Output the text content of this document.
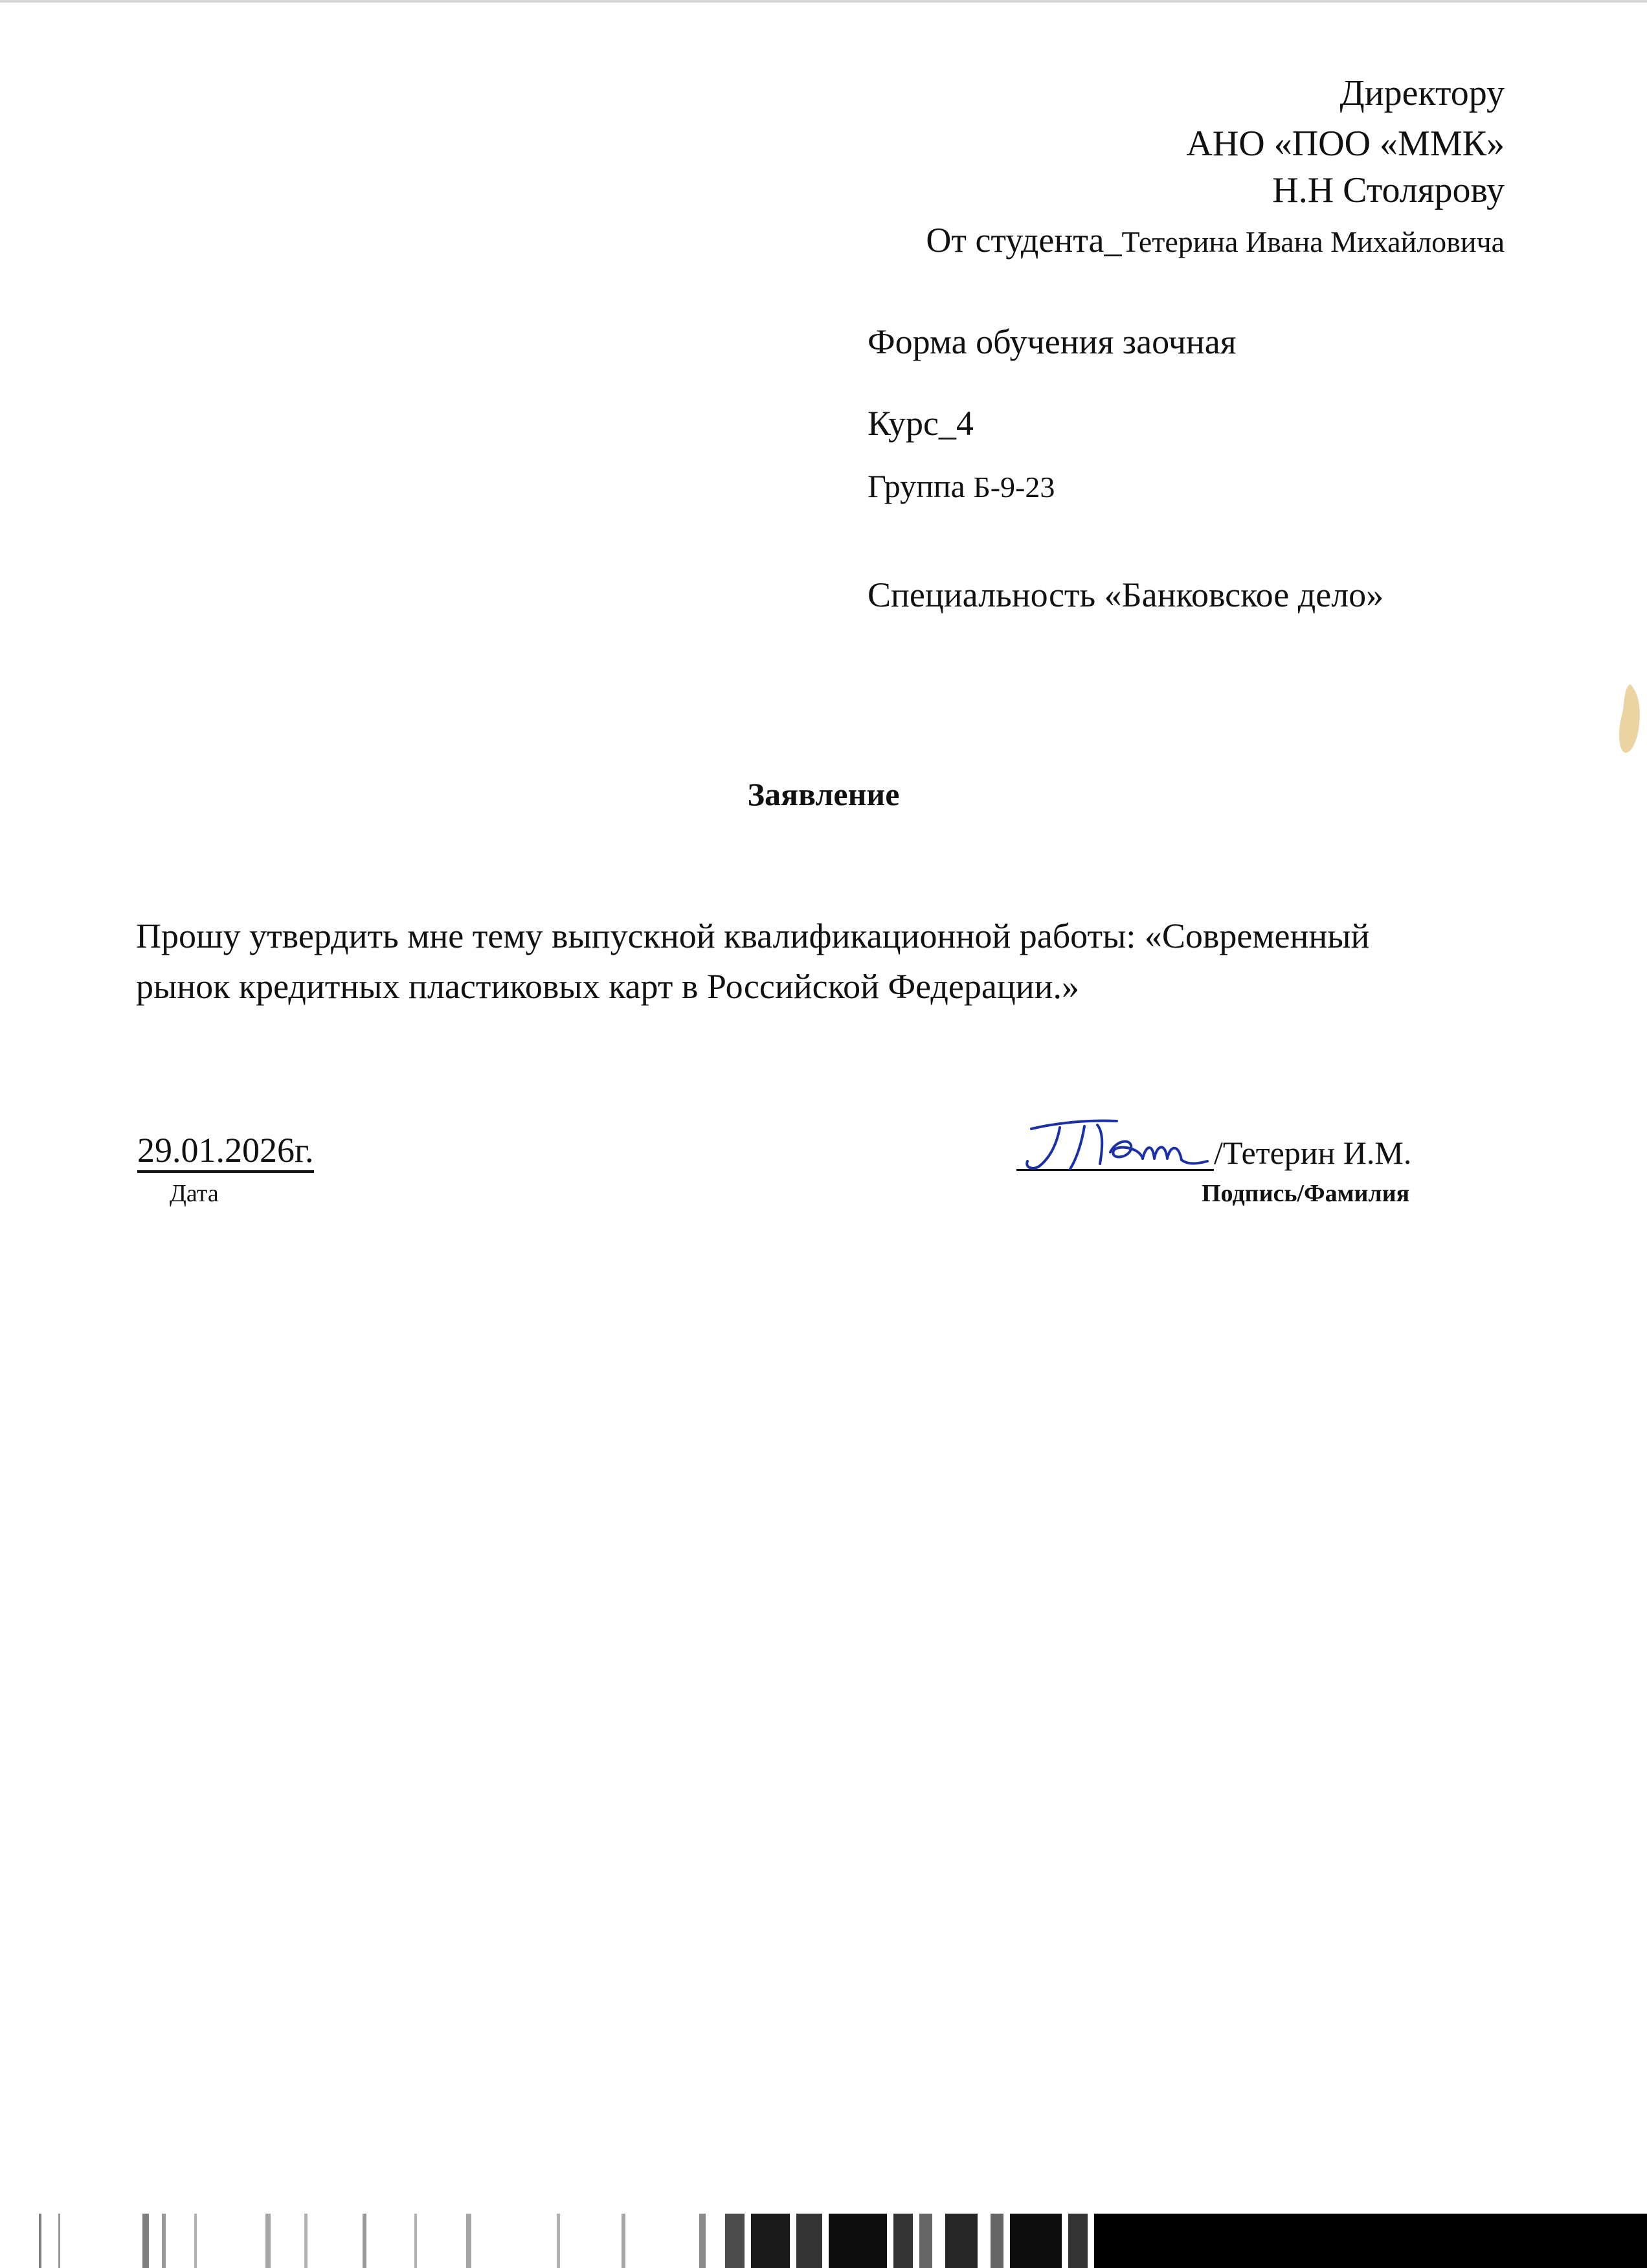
Директору
АНО «ПОО «ММК»
Н.Н Столярову
От студента_Тетерина Ивана Михайловича
Форма обучения заочная
Курс_4
Группа Б-9-23
Специальность «Банковское дело»
Заявление
Прошу утвердить мне тему выпускной квалификационной работы: «Современный
рынок кредитных пластиковых карт в Российской Федерации.»
29.01.2026г.
Дата
/Тетерин И.М.
Подпись/Фамилия
